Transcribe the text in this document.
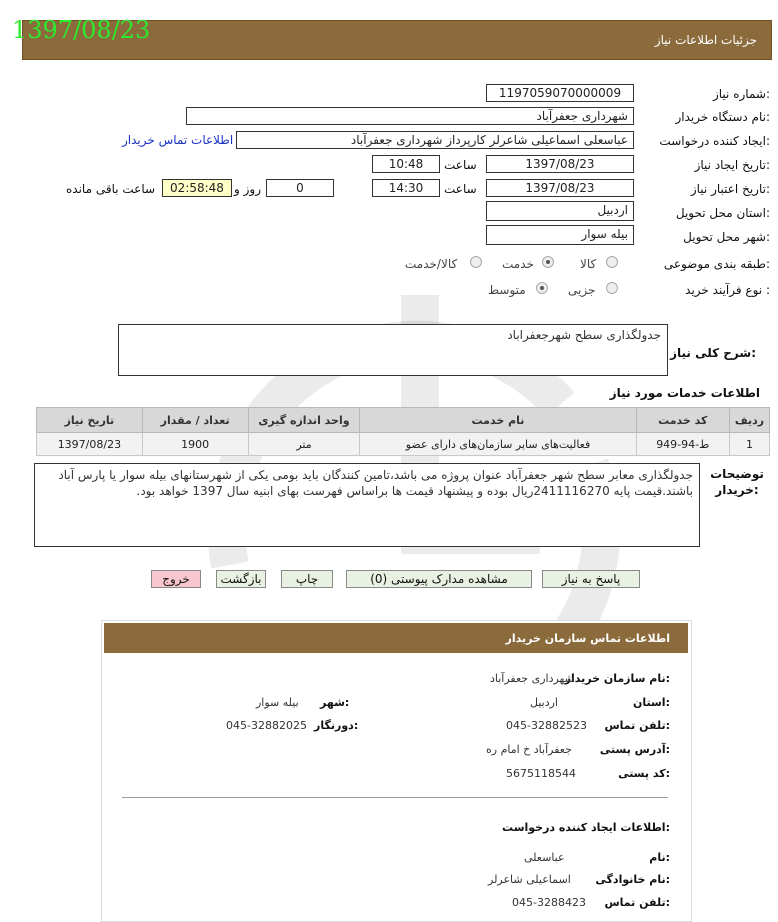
جزئیات اطلاعات نیاز
1397/08/23
شماره نیاز:
1197059070000009
نام دستگاه خریدار:
شهرداری جعفرآباد
ایجاد کننده درخواست:
عباسعلی اسماعیلی شاعرلر کارپرداز شهرداری جعفرآباد
اطلاعات تماس خریدار
تاریخ ایجاد نیاز:
1397/08/23
ساعت
10:48
تاریخ اعتبار نیاز:
1397/08/23
ساعت
14:30
0
روز و
02:58:48
ساعت باقی مانده
استان محل تحویل:
اردبیل
شهر محل تحویل:
بیله سوار
طبقه بندی موضوعی:
کالا
خدمت
کالا/خدمت
نوع فرآیند خرید :
جزیی
متوسط
شرح کلی نیاز:
جدولگذاری سطح شهرجعفراباد
اطلاعات خدمات مورد نیاز
ردیف	کد خدمت	نام خدمت	واحد اندازه گیری	تعداد / مقدار	تاریخ نیاز
1	ط-94-949	فعالیت‌های سایر سازمان‌های دارای عضو	متر	1900	1397/08/23
توضیحات خریدار:
جدولگذاری معابر سطح شهر جعفرآباد عنوان پروژه می باشد،تامین کنندگان باید بومی یکی از شهرستانهای بیله سوار یا پارس آباد باشند.قیمت پایه 2411116270ریال بوده و پیشنهاد قیمت ها براساس فهرست بهای ابنیه سال 1397 خواهد بود.
پاسخ به نیاز
مشاهده مدارک پیوستی (0)
چاپ
بازگشت
خروج
اطلاعات تماس سازمان خریدار
نام سازمان خریدار:
شهرداری جعفرآباد
استان:
اردبیل
شهر:
بیله سوار
تلفن تماس:
045-32882523
دورنگار:
045-32882025
آدرس پستی:
جعفرآباد خ امام ره
کد پستی:
5675118544
اطلاعات ایجاد کننده درخواست:
نام:
عباسعلی
نام خانوادگی:
اسماعیلی شاعرلر
تلفن تماس:
045-3288423
